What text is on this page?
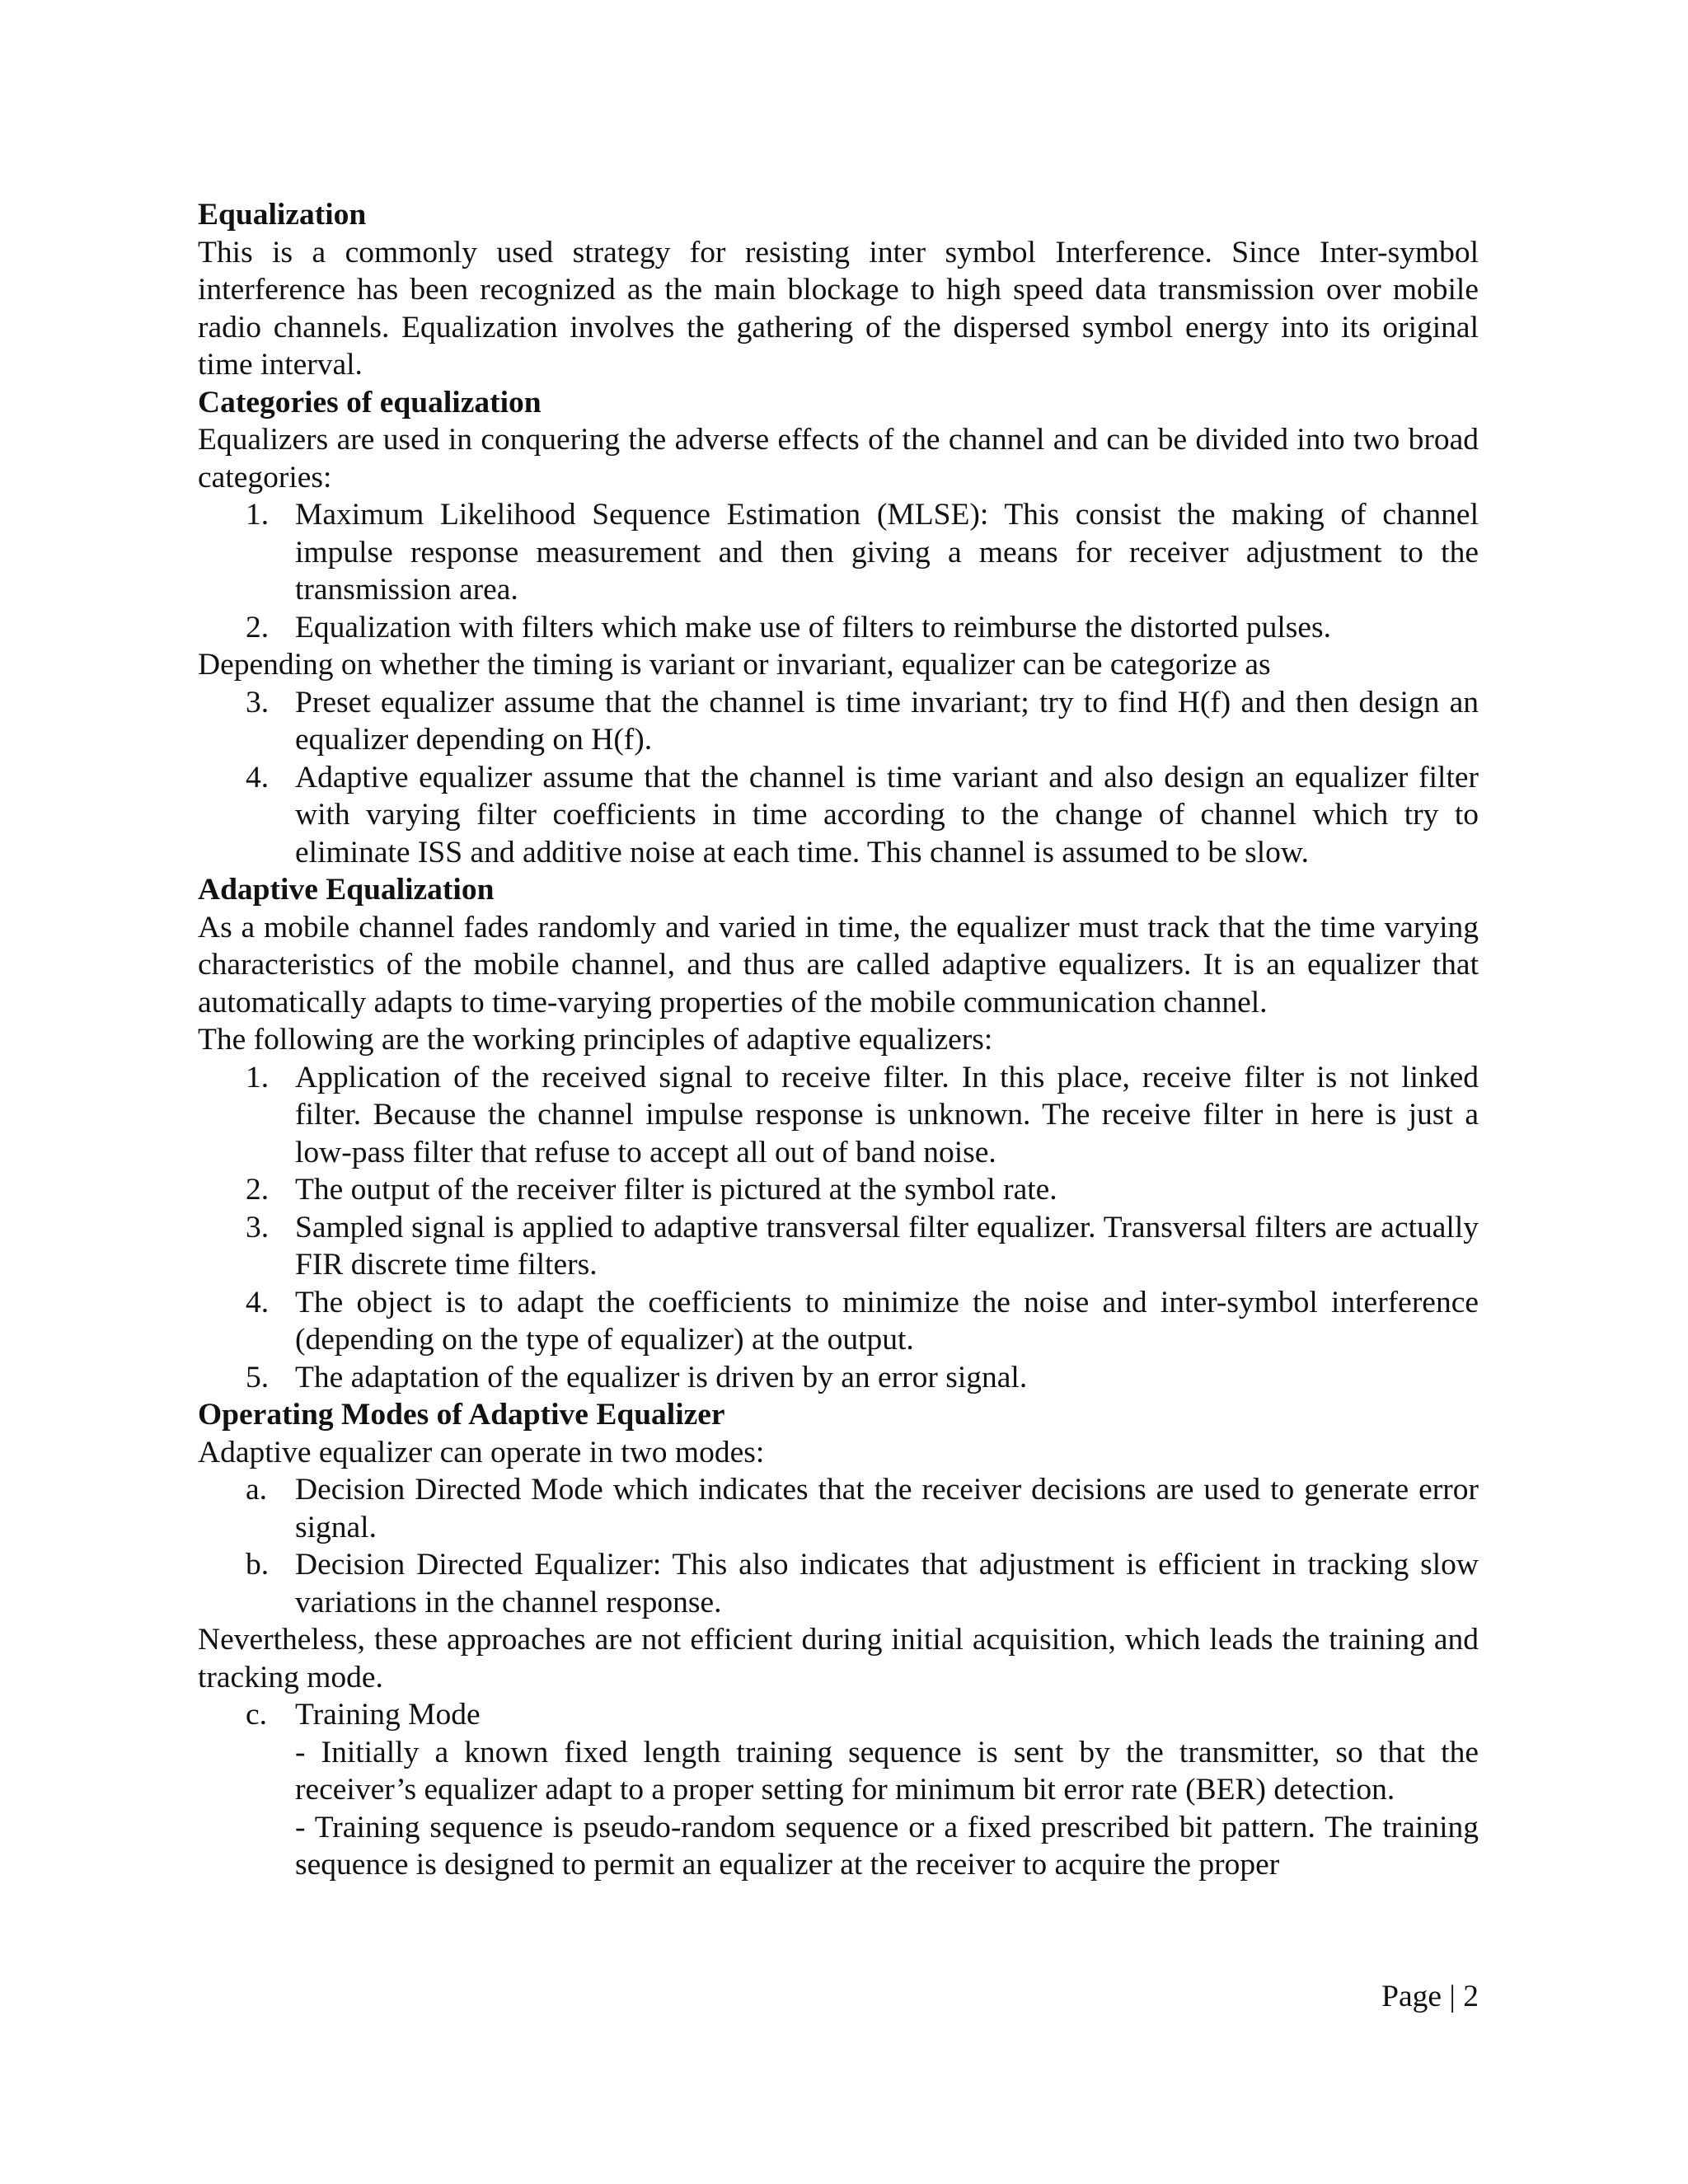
Equalization

This is a commonly used strategy for resisting inter symbol Interference. Since Inter-symbol interference has been recognized as the main blockage to high speed data transmission over mobile radio channels. Equalization involves the gathering of the dispersed symbol energy into its original time interval.

Categories of equalization

Equalizers are used in conquering the adverse effects of the channel and can be divided into two broad categories:

1. Maximum Likelihood Sequence Estimation (MLSE): This consist the making of channel impulse response measurement and then giving a means for receiver adjustment to the transmission area.
2. Equalization with filters which make use of filters to reimburse the distorted pulses.

Depending on whether the timing is variant or invariant, equalizer can be categorize as

3. Preset equalizer assume that the channel is time invariant; try to find H(f) and then design an equalizer depending on H(f).
4. Adaptive equalizer assume that the channel is time variant and also design an equalizer filter with varying filter coefficients in time according to the change of channel which try to eliminate ISS and additive noise at each time. This channel is assumed to be slow.
Adaptive Equalization

As a mobile channel fades randomly and varied in time, the equalizer must track that the time varying characteristics of the mobile channel, and thus are called adaptive equalizers. It is an equalizer that automatically adapts to time-varying properties of the mobile communication channel.

The following are the working principles of adaptive equalizers:

1. Application of the received signal to receive filter. In this place, receive filter is not linked filter. Because the channel impulse response is unknown. The receive filter in here is just a low-pass filter that refuse to accept all out of band noise.
2. The output of the receiver filter is pictured at the symbol rate.
3. Sampled signal is applied to adaptive transversal filter equalizer. Transversal filters are actually FIR discrete time filters.
4. The object is to adapt the coefficients to minimize the noise and inter-symbol interference (depending on the type of equalizer) at the output.
5. The adaptation of the equalizer is driven by an error signal.
Operating Modes of Adaptive Equalizer

Adaptive equalizer can operate in two modes:

a. Decision Directed Mode which indicates that the receiver decisions are used to generate error signal.
b. Decision Directed Equalizer: This also indicates that adjustment is efficient in tracking slow variations in the channel response.

Nevertheless, these approaches are not efficient during initial acquisition, which leads the training and tracking mode.

c. Training Mode

- Initially a known fixed length training sequence is sent by the transmitter, so that the receiver’s equalizer adapt to a proper setting for minimum bit error rate (BER) detection.

- Training sequence is pseudo-random sequence or a fixed prescribed bit pattern. The training sequence is designed to permit an equalizer at the receiver to acquire the proper

Page | 2
